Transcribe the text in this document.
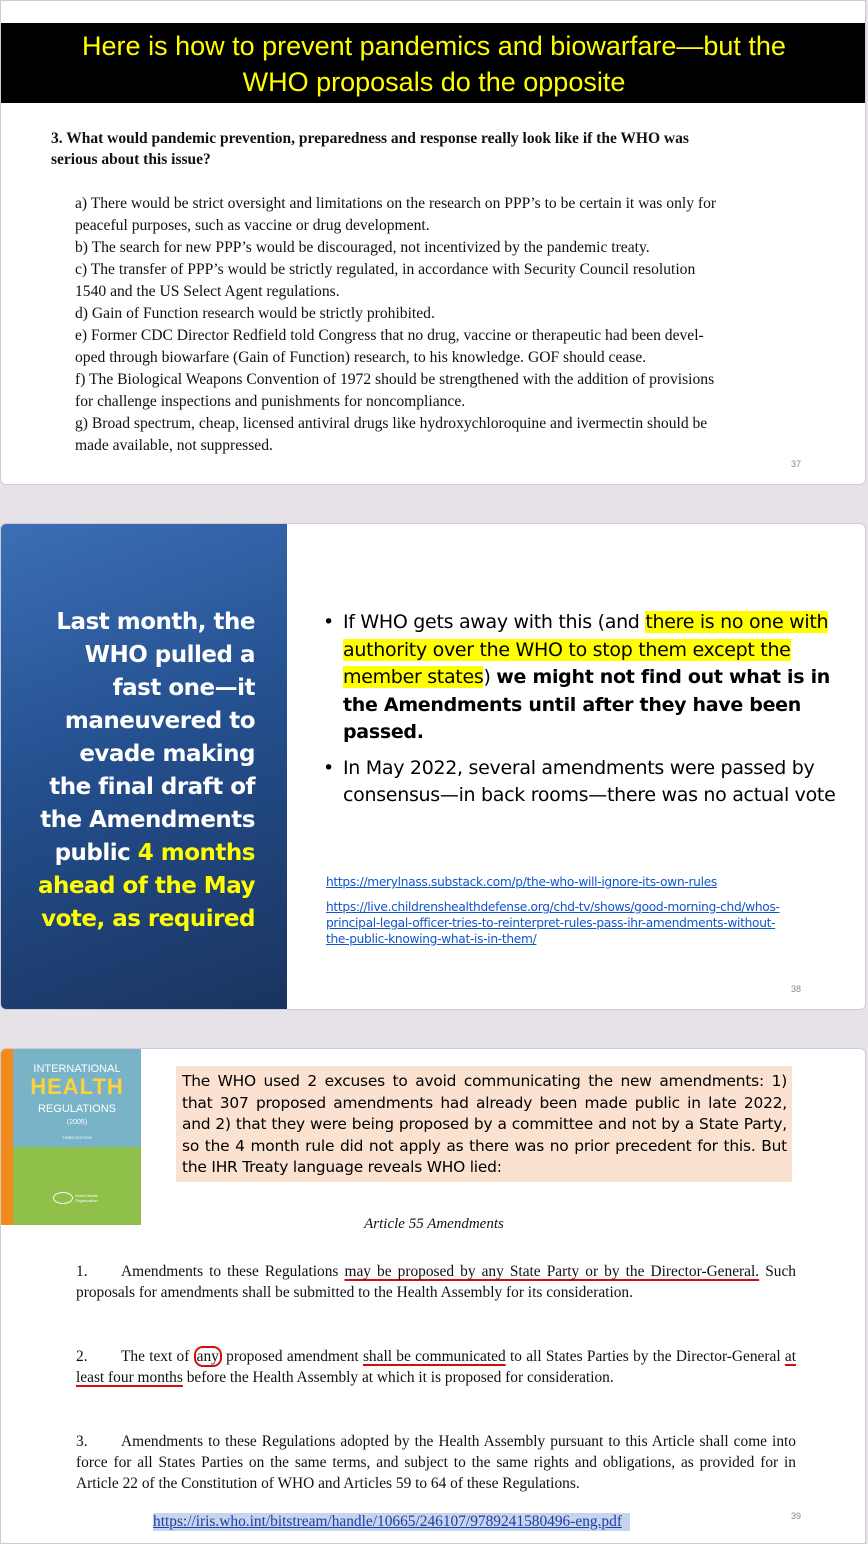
Here is how to prevent pandemics and biowarfare—but the
WHO proposals do the opposite
3. What would pandemic prevention, preparedness and response really look like if the WHO was
serious about this issue?

a) There would be strict oversight and limitations on the research on PPP’s to be certain it was only for

peaceful purposes, such as vaccine or drug development.

b) The search for new PPP’s would be discouraged, not incentivized by the pandemic treaty.

c) The transfer of PPP’s would be strictly regulated, in accordance with Security Council resolution

1540 and the US Select Agent regulations.

d) Gain of Function research would be strictly prohibited.

e) Former CDC Director Redfield told Congress that no drug, vaccine or therapeutic had been devel-

oped through biowarfare (Gain of Function) research, to his knowledge. GOF should cease.

f) The Biological Weapons Convention of 1972 should be strengthened with the addition of provisions

for challenge inspections and punishments for noncompliance.

g) Broad spectrum, cheap, licensed antiviral drugs like hydroxychloroquine and ivermectin should be

made available, not suppressed.

37
Last month, the
WHO pulled a
fast one—it
maneuvered to
evade making
the final draft of
the Amendments
public 4 months
ahead of the May
vote, as required
• If WHO gets away with this (and there is no one with authority over the WHO to stop them except the member states) we might not find out what is in the Amendments until after they have been passed.
• In May 2022, several amendments were passed by consensus—in back rooms—there was no actual vote
https://merylnass.substack.com/p/the-who-will-ignore-its-own-rules
https://live.childrenshealthdefense.org/chd-tv/shows/good-morning-chd/whos-principal-legal-officer-tries-to-reinterpret-rules-pass-ihr-amendments-without-the-public-knowing-what-is-in-them/
38
INTERNATIONAL
HEALTH
REGULATIONS
(2005)
THIRD EDITION
World Health Organization
The WHO used 2 excuses to avoid communicating the new amendments: 1) that 307 proposed amendments had already been made public in late 2022, and 2) that they were being proposed by a committee and not by a State Party, so the 4 month rule did not apply as there was no prior precedent for this. But the IHR Treaty language reveals WHO lied:
Article 55 Amendments
1. Amendments to these Regulations may be proposed by any State Party or by the Director-General. Such proposals for amendments shall be submitted to the Health Assembly for its consideration.
2. The text of any proposed amendment shall be communicated to all States Parties by the Director-General at least four months before the Health Assembly at which it is proposed for consideration.
3. Amendments to these Regulations adopted by the Health Assembly pursuant to this Article shall come into force for all States Parties on the same terms, and subject to the same rights and obligations, as provided for in Article 22 of the Constitution of WHO and Articles 59 to 64 of these Regulations.
https://iris.who.int/bitstream/handle/10665/246107/9789241580496-eng.pdf	39
